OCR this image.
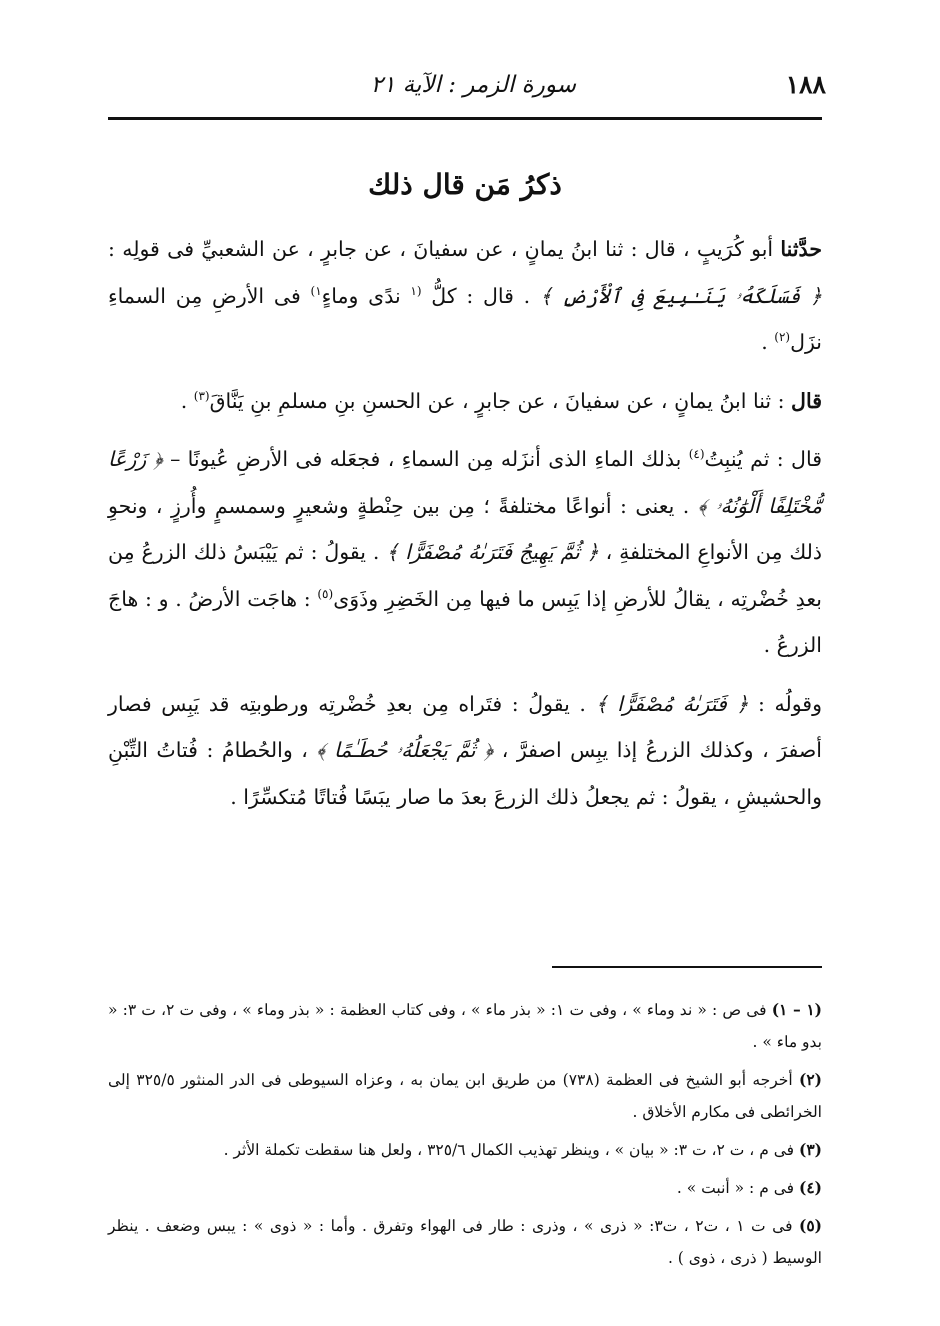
١٨٨
سورة الزمر : الآية ٢١
ذكرُ مَن قال ذلك

حدَّثنا أبو كُرَيبٍ ، قال : ثنا ابنُ يمانٍ ، عن سفيانَ ، عن جابرٍ ، عن الشعبيِّ فى قولِه : ﴿ فَسَلَكَهُۥ يَنَـٰبِيعَ فِى ٱلْأَرْضِ ﴾ . قال : كلُّ $^{(١}$ ندًى وماءٍ$^{١)}$ فى الأرضِ مِن السماءِ نزَل$^{(٢)}$ .

قال : ثنا ابنُ يمانٍ ، عن سفيانَ ، عن جابرٍ ، عن الحسنِ بنِ مسلمِ بنِ يَنَّاقَ$^{(٣)}$ .

قال : ثم يُنبِتُ$^{(٤)}$ بذلك الماءِ الذى أنزَله مِن السماءِ ، فجعَله فى الأرضِ عُيونًا – ﴿ زَرْعًا مُّخْتَلِفًا أَلْوَٰنُهُۥ ﴾ . يعنى : أنواعًا مختلفةً ؛ مِن بين حِنْطةٍ وشعيرٍ وسمسمٍ وأُرزٍ ، ونحوِ ذلك مِن الأنواعِ المختلفةِ ، ﴿ ثُمَّ يَهِيجُ فَتَرَىٰهُ مُصْفَرًّا ﴾ . يقولُ : ثم يَيْبَسُ ذلك الزرعُ مِن بعدِ خُضْرتِه ، يقالُ للأرضِ إذا يَبِس ما فيها مِن الخَضِرِ وذَوَى$^{(٥)}$ : هاجَت الأرضُ . و : هاجَ الزرعُ .

وقولُه : ﴿ فَتَرَىٰهُ مُصْفَرًّا ﴾ . يقولُ : فتَراه مِن بعدِ خُضْرتِه ورطوبتِه قد يَبِس فصار أصفرَ ، وكذلك الزرعُ إذا يبِس اصفرَّ ، ﴿ ثُمَّ يَجْعَلُهُۥ حُطَـٰمًا ﴾ ، والحُطامُ : فُتاتُ التِّبْنِ والحشيشِ ، يقولُ : ثم يجعلُ ذلك الزرعَ بعدَ ما صار يبَسًا فُتاتًا مُتكسِّرًا .

(١ – ١) فى ص : « ند وماء » ، وفى ت ١: « بذر ماء » ، وفى كتاب العظمة : « بذر وماء » ، وفى ت ٢، ت ٣: « بدو ماء » .

(٢) أخرجه أبو الشيخ فى العظمة (٧٣٨) من طريق ابن يمان به ، وعزاه السيوطى فى الدر المنثور ٣٢٥/٥ إلى الخرائطى فى مكارم الأخلاق .

(٣) فى م ، ت ٢، ت ٣: « بيان » ، وينظر تهذيب الكمال ٣٢٥/٦ ، ولعل هنا سقطت تكملة الأثر .

(٤) فى م : « أنبت » .

(٥) فى ت ١ ، ت٢ ، ت٣: « ذرى » ، وذرى : طار فى الهواء وتفرق . وأما : « ذوى » : يبس وضعف . ينظر الوسيط ( ذرى ، ذوى ) .
